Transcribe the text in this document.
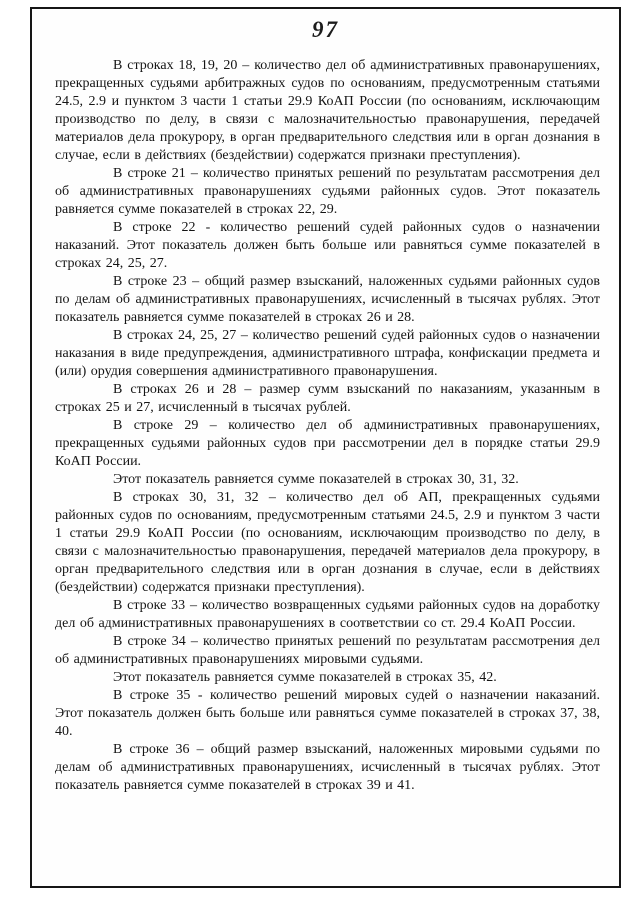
97

В строках 18, 19, 20 – количество дел об административных правонарушениях, прекращенных судьями арбитражных судов по основаниям, предусмотренным статьями 24.5, 2.9 и пунктом 3 части 1 статьи 29.9 КоАП России (по основаниям, исключающим производство по делу, в связи с малозначительностью правонарушения, передачей материалов дела прокурору, в орган предварительного следствия или в орган дознания в случае, если в действиях (бездействии) содержатся признаки преступления).

В строке 21 – количество принятых решений по результатам рассмотрения дел об административных правонарушениях судьями районных судов. Этот показатель равняется сумме показателей в строках 22, 29.

В строке 22 - количество решений судей районных судов о назначении наказаний. Этот показатель должен быть больше или равняться сумме показателей в строках 24, 25, 27.

В строке 23 – общий размер взысканий, наложенных судьями районных судов по делам об административных правонарушениях, исчисленный в тысячах рублях. Этот показатель равняется сумме показателей в строках 26 и 28.

В строках 24, 25, 27 – количество решений судей районных судов о назначении наказания в виде предупреждения, административного штрафа, конфискации предмета и (или) орудия совершения административного правонарушения.

В строках 26 и 28 – размер сумм взысканий по наказаниям, указанным в строках 25 и 27, исчисленный в тысячах рублей.

В строке 29 – количество дел об административных правонарушениях, прекращенных судьями районных судов при рассмотрении дел в порядке статьи 29.9 КоАП России.

Этот показатель равняется сумме показателей в строках 30, 31, 32.

В строках 30, 31, 32 – количество дел об АП, прекращенных судьями районных судов по основаниям, предусмотренным статьями 24.5, 2.9 и пунктом 3 части 1 статьи 29.9 КоАП России (по основаниям, исключающим производство по делу, в связи с малозначительностью правонарушения, передачей материалов дела прокурору, в орган предварительного следствия или в орган дознания в случае, если в действиях (бездействии) содержатся признаки преступления).

В строке 33 – количество возвращенных судьями районных судов на доработку дел об административных правонарушениях в соответствии со ст. 29.4 КоАП России.

В строке 34 – количество принятых решений по результатам рассмотрения дел об административных правонарушениях мировыми судьями.

Этот показатель равняется сумме показателей в строках 35, 42.

В строке 35 - количество решений мировых судей о назначении наказаний. Этот показатель должен быть больше или равняться сумме показателей в строках 37, 38, 40.

В строке 36 – общий размер взысканий, наложенных мировыми судьями по делам об административных правонарушениях, исчисленный в тысячах рублях. Этот показатель равняется сумме показателей в строках 39 и 41.
